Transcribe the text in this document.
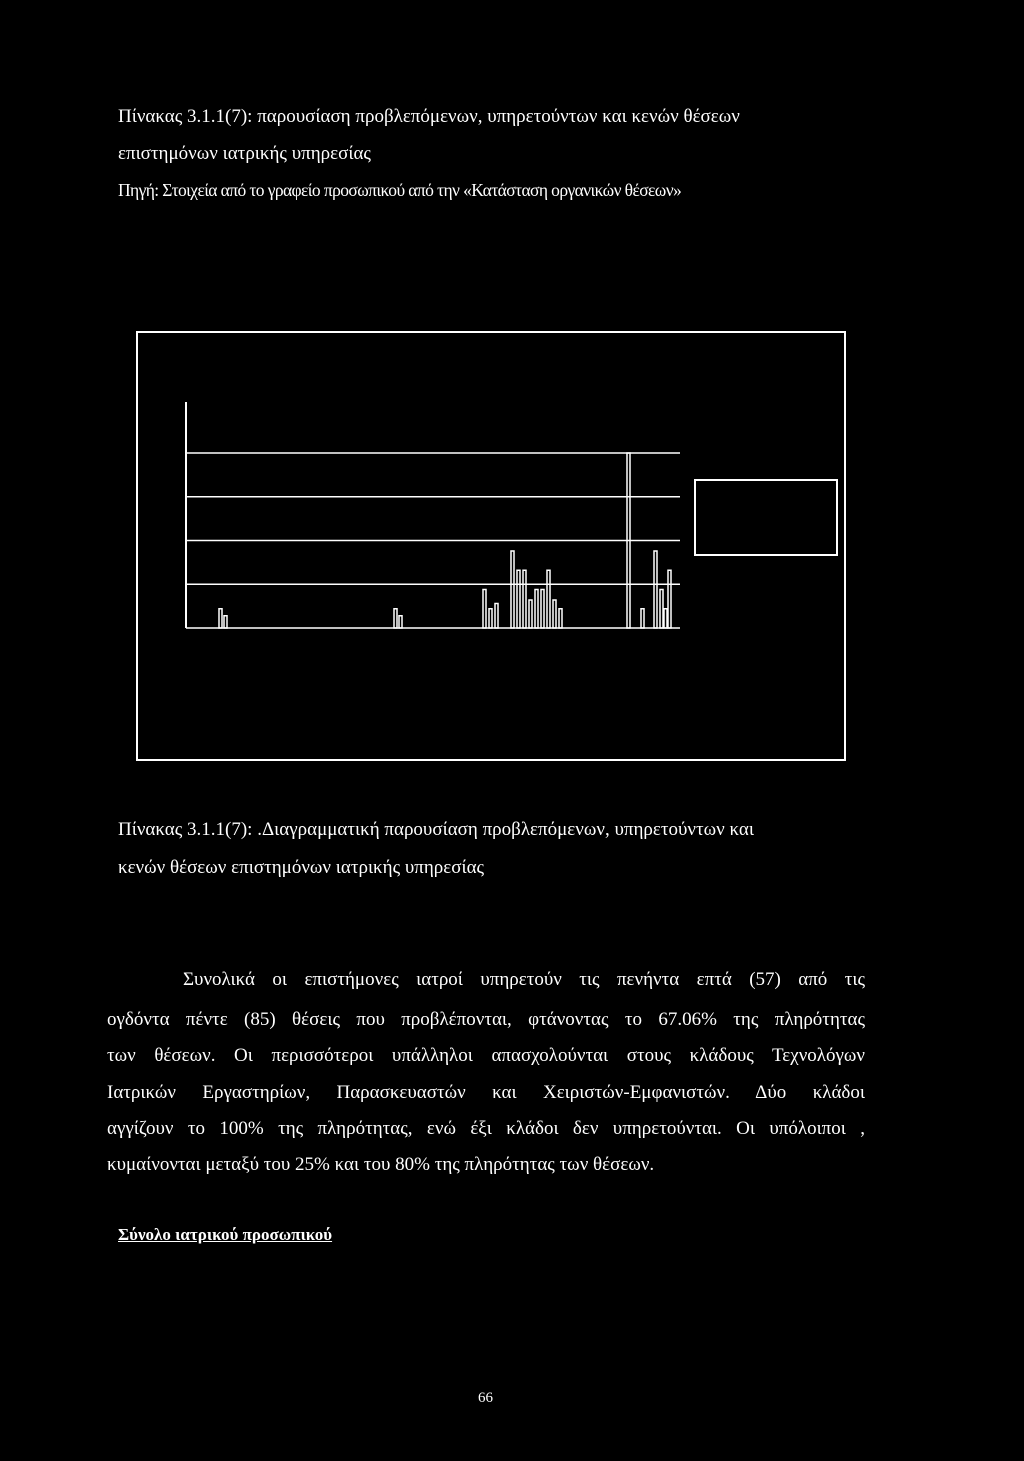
Πίνακας 3.1.1(7): παρουσίαση προβλεπόμενων, υπηρετούντων και κενών θέσεων
επιστημόνων ιατρικής υπηρεσίας
Πηγή: Στοιχεία από το γραφείο προσωπικού από την «Κατάσταση οργανικών θέσεων»
Πίνακας 3.1.1(7): .Διαγραμματική παρουσίαση προβλεπόμενων, υπηρετούντων και
κενών θέσεων επιστημόνων ιατρικής υπηρεσίας
Συνολικά οι επιστήμονες ιατροί υπηρετούν τις πενήντα επτά (57) από τις
ογδόντα πέντε (85) θέσεις που προβλέπονται, φτάνοντας το 67.06% της πληρότητας
των θέσεων. Οι περισσότεροι υπάλληλοι απασχολούνται στους κλάδους Τεχνολόγων
Ιατρικών Εργαστηρίων, Παρασκευαστών και Χειριστών-Εμφανιστών. Δύο κλάδοι
αγγίζουν το 100% της πληρότητας, ενώ έξι κλάδοι δεν υπηρετούνται. Οι υπόλοιποι ,
κυμαίνονται μεταξύ του 25% και του 80% της πληρότητας των θέσεων.
Σύνολο ιατρικού προσωπικού
66
